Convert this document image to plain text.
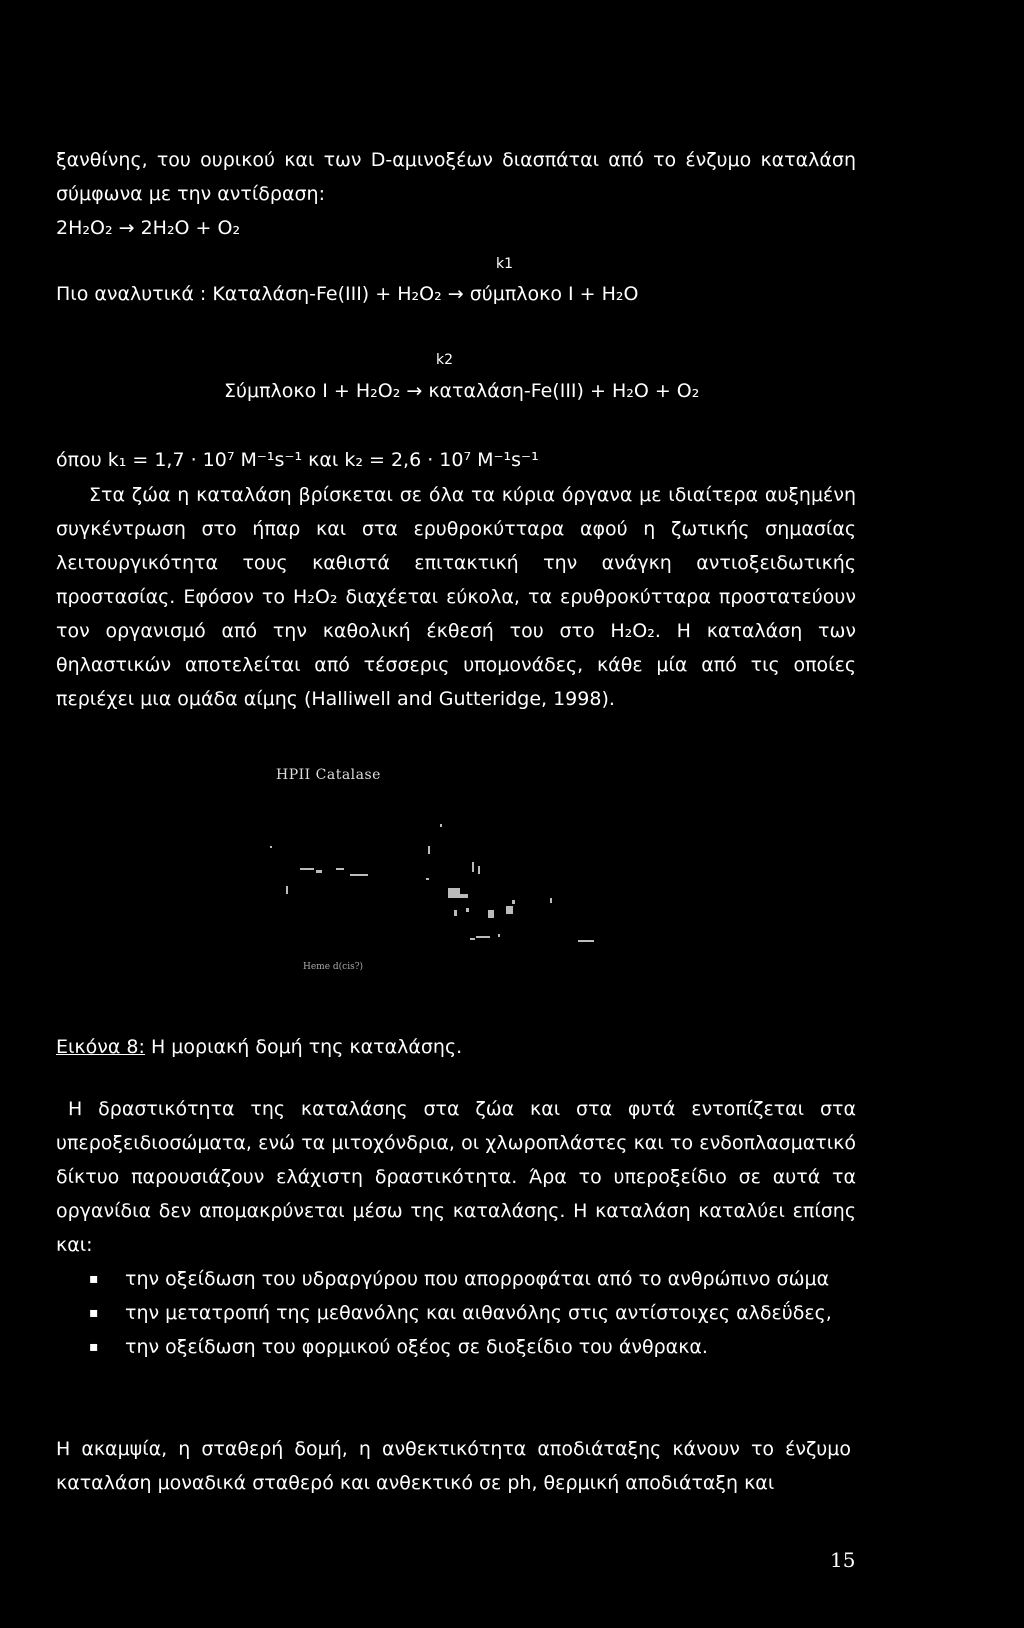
ξανθίνης, του ουρικού και των D-αμινοξέων διασπάται από το ένζυμο καταλάση σύμφωνα με την αντίδραση:
2H₂O₂ → 2H₂O + O₂
k1
Πιο αναλυτικά : Καταλάση-Fe(III) + H₂O₂ → σύμπλοκο I + H₂O
k2
Σύμπλοκο I + H₂O₂ → καταλάση-Fe(III) + H₂O + O₂
όπου k₁ = 1,7 · 10⁷ M⁻¹s⁻¹ και k₂ = 2,6 · 10⁷ M⁻¹s⁻¹
Στα ζώα η καταλάση βρίσκεται σε όλα τα κύρια όργανα με ιδιαίτερα αυξημένη συγκέντρωση στο ήπαρ και στα ερυθροκύτταρα αφού η ζωτικής σημασίας λειτουργικότητα τους καθιστά επιτακτική την ανάγκη αντιοξειδωτικής προστασίας. Εφόσον το H₂O₂ διαχέεται εύκολα, τα ερυθροκύτταρα προστατεύουν τον οργανισμό από την καθολική έκθεσή του στο H₂O₂. Η καταλάση των θηλαστικών αποτελείται από τέσσερις υπομονάδες, κάθε μία από τις οποίες περιέχει μια ομάδα αίμης (Halliwell and Gutteridge, 1998).
HPII Catalase
Heme d(cis?)
Εικόνα 8: Η μοριακή δομή της καταλάσης.
Η δραστικότητα της καταλάσης στα ζώα και στα φυτά εντοπίζεται στα υπεροξειδιοσώματα, ενώ τα μιτοχόνδρια, οι χλωροπλάστες και το ενδοπλασματικό δίκτυο παρουσιάζουν ελάχιστη δραστικότητα. Άρα το υπεροξείδιο σε αυτά τα οργανίδια δεν απομακρύνεται μέσω της καταλάσης. Η καταλάση καταλύει επίσης και:
▪ την οξείδωση του υδραργύρου που απορροφάται από το ανθρώπινο σώμα
▪ την μετατροπή της μεθανόλης και αιθανόλης στις αντίστοιχες αλδεΰδες,
▪ την οξείδωση του φορμικού οξέος σε διοξείδιο του άνθρακα.
Η ακαμψία, η σταθερή δομή, η ανθεκτικότητα αποδιάταξης κάνουν το ένζυμο καταλάση μοναδικά σταθερό και ανθεκτικό σε ph, θερμική αποδιάταξη και
15
